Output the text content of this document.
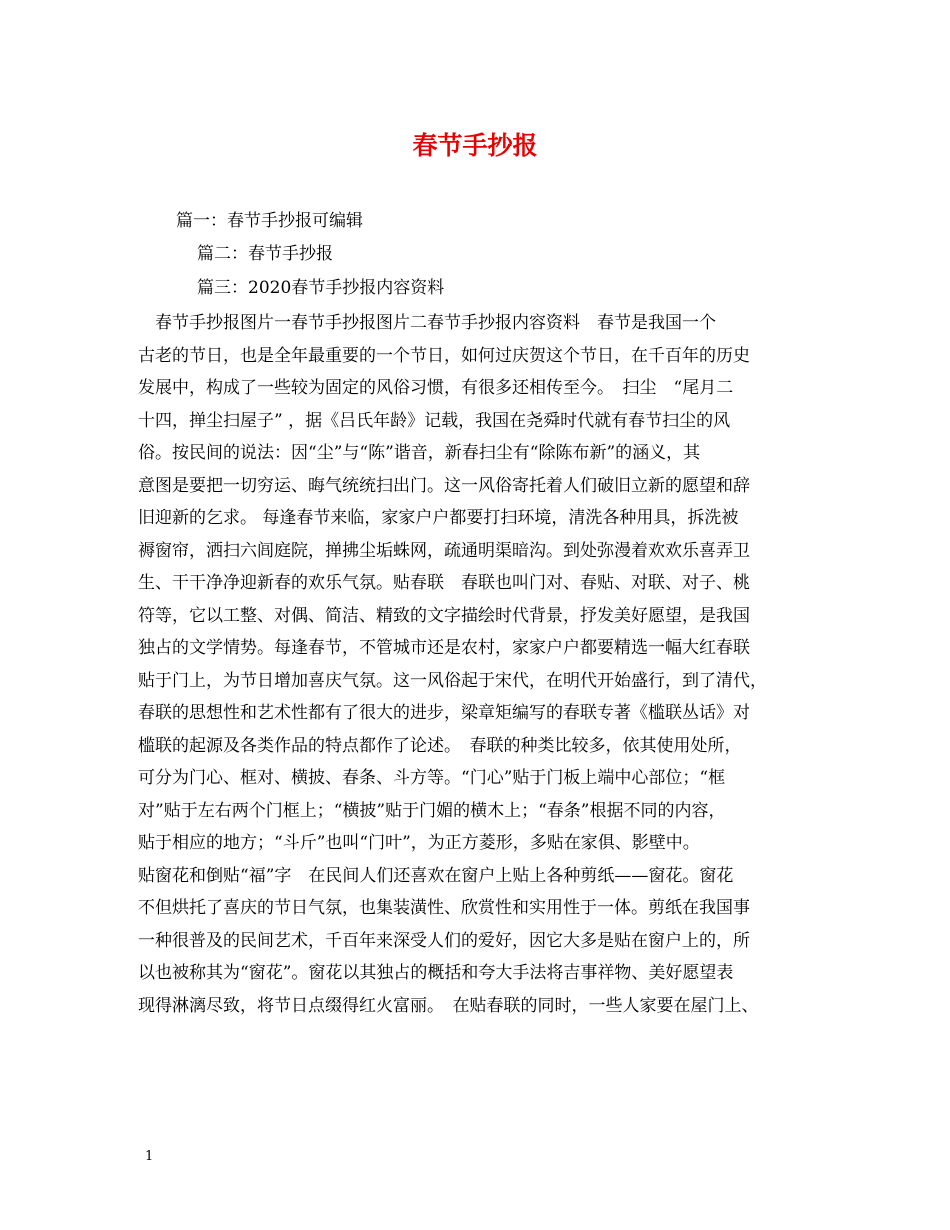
春节手抄报
篇一：春节手抄报可编辑
篇二：春节手抄报
篇三：2020春节手抄报内容资料
　春节手抄报图片一春节手抄报图片二春节手抄报内容资料　春节是我国一个
古老的节日，也是全年最重要的一个节日，如何过庆贺这个节日，在千百年的历史
发展中，构成了一些较为固定的风俗习惯，有很多还相传至今。　扫尘　“尾月二
十四，掸尘扫屋子” ，据《吕氏年龄》记载，我国在尧舜时代就有春节扫尘的风
俗。按民间的说法：因“尘”与“陈”谐音，新春扫尘有“除陈布新”的涵义，其
意图是要把一切穷运、晦气统统扫出门。这一风俗寄托着人们破旧立新的愿望和辞
旧迎新的乞求。 每逢春节来临，家家户户都要打扫环境，清洗各种用具，拆洗被
褥窗帘，洒扫六闾庭院，掸拂尘垢蛛网，疏通明渠暗沟。到处弥漫着欢欢乐喜弄卫
生、干干净净迎新春的欢乐气氛。贴春联　春联也叫门对、春贴、对联、对子、桃
符等，它以工整、对偶、简洁、精致的文字描绘时代背景，抒发美好愿望，是我国
独占的文学情势。每逢春节，不管城市还是农村，家家户户都要精选一幅大红春联
贴于门上，为节日增加喜庆气氛。这一风俗起于宋代，在明代开始盛行，到了清代，
春联的思想性和艺术性都有了很大的进步，梁章矩编写的春联专著《槛联丛话》对
槛联的起源及各类作品的特点都作了论述。　春联的种类比较多，依其使用处所，
可分为门心、框对、横披、春条、斗方等。“门心”贴于门板上端中心部位；“框
对”贴于左右两个门框上；“横披”贴于门媚的横木上；“春条”根据不同的内容，
贴于相应的地方；“斗斤”也叫“门叶”，为正方菱形，多贴在家俱、影壁中。
贴窗花和倒贴“福”字　在民间人们还喜欢在窗户上贴上各种剪纸——窗花。窗花
不但烘托了喜庆的节日气氛，也集装潢性、欣赏性和实用性于一体。剪纸在我国事
一种很普及的民间艺术，千百年来深受人们的爱好，因它大多是贴在窗户上的，所
以也被称其为“窗花”。窗花以其独占的概括和夸大手法将吉事祥物、美好愿望表
现得淋漓尽致，将节日点缀得红火富丽。　在贴春联的同时，一些人家要在屋门上、
1
